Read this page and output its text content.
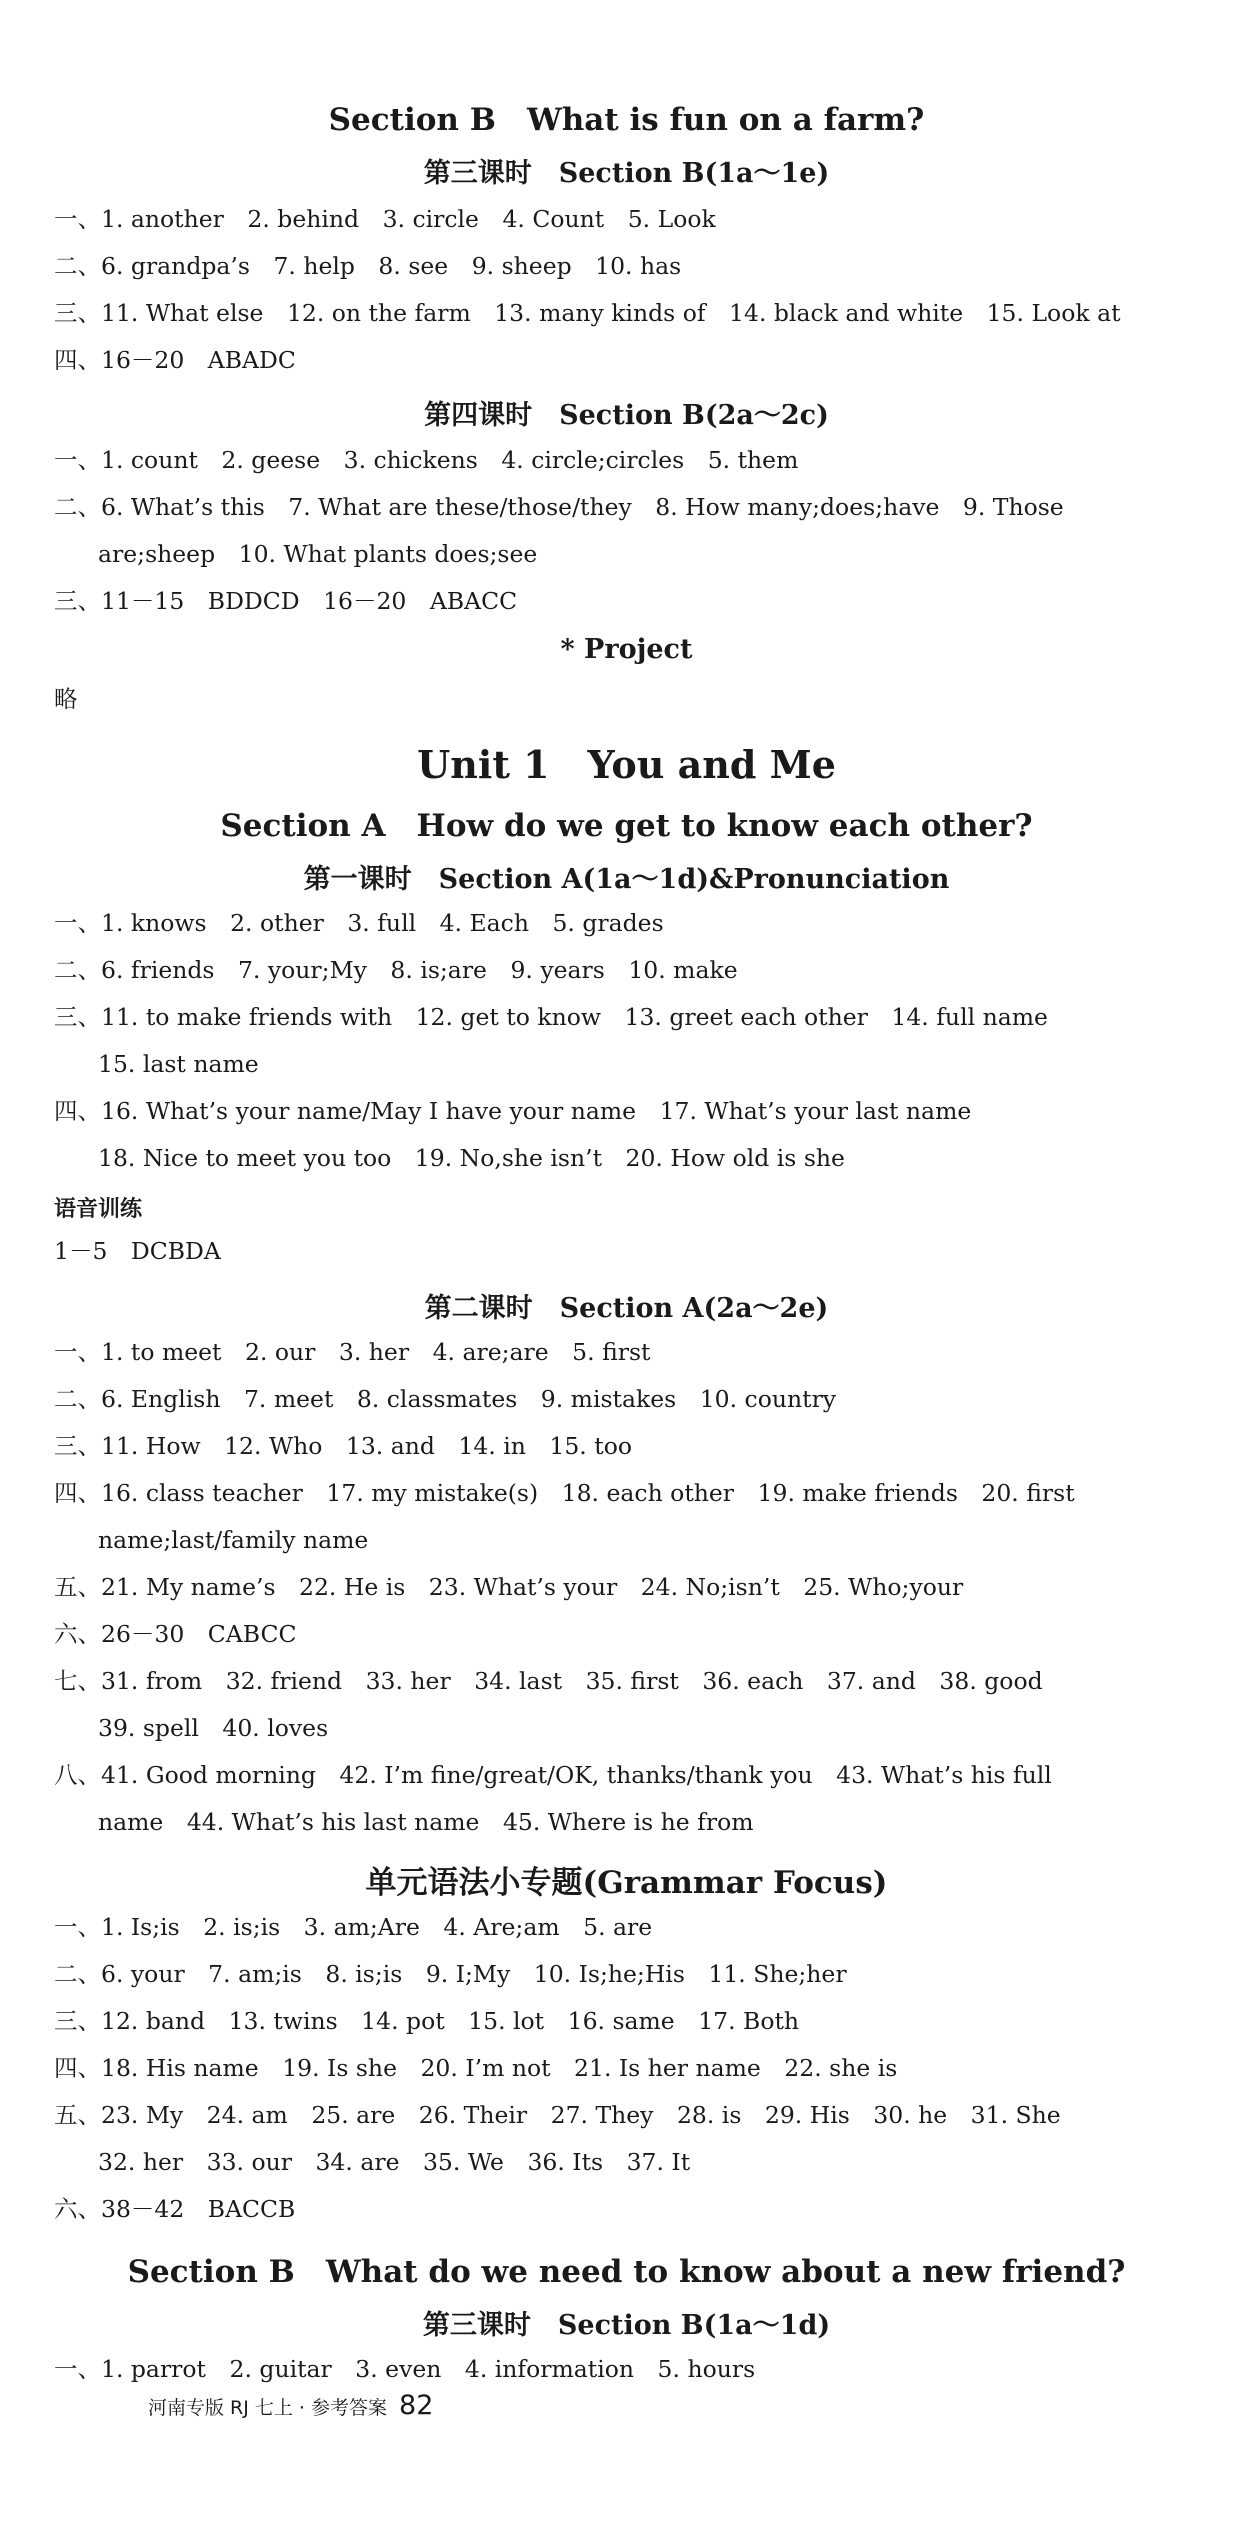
Section B　What is fun on a farm?
第三课时　Section B(1a～1e)
一、1. another　2. behind　3. circle　4. Count　5. Look
二、6. grandpa’s　7. help　8. see　9. sheep　10. has
三、11. What else　12. on the farm　13. many kinds of　14. black and white　15. Look at
四、16－20　ABADC
第四课时　Section B(2a～2c)
一、1. count　2. geese　3. chickens　4. circle;circles　5. them
二、6. What’s this　7. What are these/those/they　8. How many;does;have　9. Those
are;sheep　10. What plants does;see
三、11－15　BDDCD　16－20　ABACC
* Project
略
Unit 1　You and Me
Section A　How do we get to know each other?
第一课时　Section A(1a～1d)&Pronunciation
一、1. knows　2. other　3. full　4. Each　5. grades
二、6. friends　7. your;My　8. is;are　9. years　10. make
三、11. to make friends with　12. get to know　13. greet each other　14. full name
15. last name
四、16. What’s your name/May I have your name　17. What’s your last name
18. Nice to meet you too　19. No,she isn’t　20. How old is she
语音训练
1－5　DCBDA
第二课时　Section A(2a～2e)
一、1. to meet　2. our　3. her　4. are;are　5. first
二、6. English　7. meet　8. classmates　9. mistakes　10. country
三、11. How　12. Who　13. and　14. in　15. too
四、16. class teacher　17. my mistake(s)　18. each other　19. make friends　20. first
name;last/family name
五、21. My name’s　22. He is　23. What’s your　24. No;isn’t　25. Who;your
六、26－30　CABCC
七、31. from　32. friend　33. her　34. last　35. first　36. each　37. and　38. good
39. spell　40. loves
八、41. Good morning　42. I’m fine/great/OK, thanks/thank you　43. What’s his full
name　44. What’s his last name　45. Where is he from
单元语法小专题(Grammar Focus)
一、1. Is;is　2. is;is　3. am;Are　4. Are;am　5. are
二、6. your　7. am;is　8. is;is　9. I;My　10. Is;he;His　11. She;her
三、12. band　13. twins　14. pot　15. lot　16. same　17. Both
四、18. His name　19. Is she　20. I’m not　21. Is her name　22. she is
五、23. My　24. am　25. are　26. Their　27. They　28. is　29. His　30. he　31. She
32. her　33. our　34. are　35. We　36. Its　37. It
六、38－42　BACCB
Section B　What do we need to know about a new friend?
第三课时　Section B(1a～1d)
一、1. parrot　2. guitar　3. even　4. information　5. hours
河南专版 RJ 七上 · 参考答案 82
